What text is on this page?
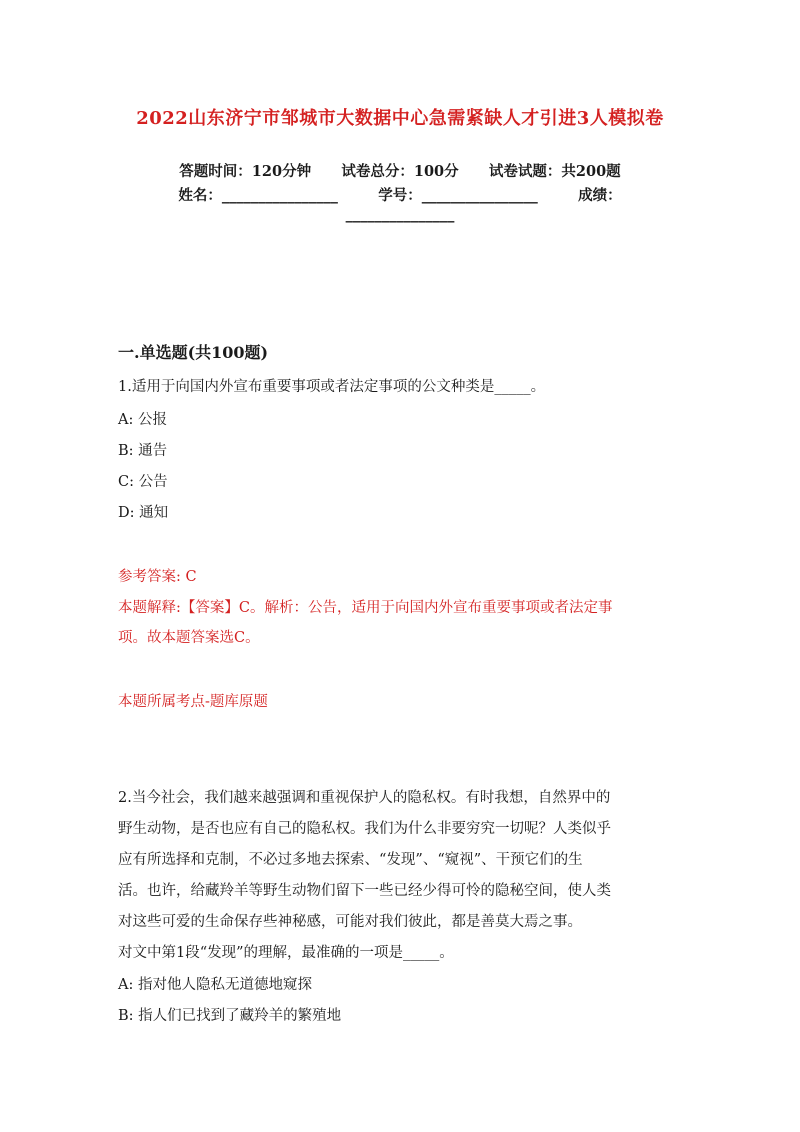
2022山东济宁市邹城市大数据中心急需紧缺人才引进3人模拟卷
答题时间：120分钟      试卷总分：100分      试卷试题：共200题
姓名：________________        学号：________________        成绩：
_______________
一.单选题(共100题)
1.适用于向国内外宣布重要事项或者法定事项的公文种类是_____。
A: 公报
B: 通告
C: 公告
D: 通知
参考答案: C
本题解释:【答案】C。解析：公告，适用于向国内外宣布重要事项或者法定事
项。故本题答案选C。
本题所属考点-题库原题
2.当今社会，我们越来越强调和重视保护人的隐私权。有时我想，自然界中的
野生动物，是否也应有自己的隐私权。我们为什么非要穷究一切呢？人类似乎
应有所选择和克制，不必过多地去探索、“发现”、“窥视”、干预它们的生
活。也许，给藏羚羊等野生动物们留下一些已经少得可怜的隐秘空间，使人类
对这些可爱的生命保存些神秘感，可能对我们彼此，都是善莫大焉之事。
对文中第1段“发现”的理解，最准确的一项是_____。
A: 指对他人隐私无道德地窥探
B: 指人们已找到了藏羚羊的繁殖地
